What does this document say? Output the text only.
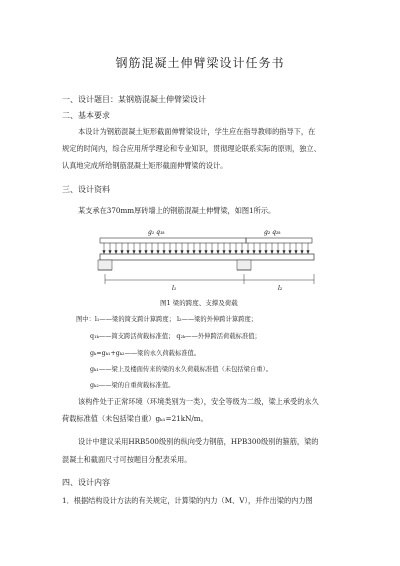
钢筋混凝土伸臂梁设计任务书
一、设计题目：某钢筋混凝土伸臂梁设计
二、基本要求
本设计为钢筋混凝土矩形截面伸臂梁设计，学生应在指导教师的指导下，在
规定的时间内，综合应用所学理论和专业知识，贯彻理论联系实际的原则，独立、
认真地完成所给钢筋混凝土矩形截面伸臂梁的设计。
三、设计资料
某支承在370mm厚砖墙上的钢筋混凝土伸臂梁，如图1所示。
g₁ q₁ₖ	g₂ q₂ₖ
l₁	l₂
图1 梁的跨度、支撑及荷载
图中：l₁——梁的简支跨计算跨度； l₂——梁的外伸跨计算跨度；
q₁ₖ——简支跨活荷载标准值； q₂ₖ——外伸跨活荷载标准值；
gₖ=gₖ₁+gₖ₂——梁的永久荷载标准值。
gₖ₁——梁上及楼面传来的梁的永久荷载标准值（未包括梁自重）。
gₖ₂——梁的自重荷载标准值。
该构件处于正常环境（环境类别为一类），安全等级为二级，梁上承受的永久
荷载标准值（未包括梁自重）gₖ₁=21kN/m。
设计中建议采用HRB500级别的纵向受力钢筋，HPB300级别的箍筋，梁的
混凝土和截面尺寸可按题目分配表采用。
四、设计内容
1．根据结构设计方法的有关规定，计算梁的内力（M、V），并作出梁的内力图
